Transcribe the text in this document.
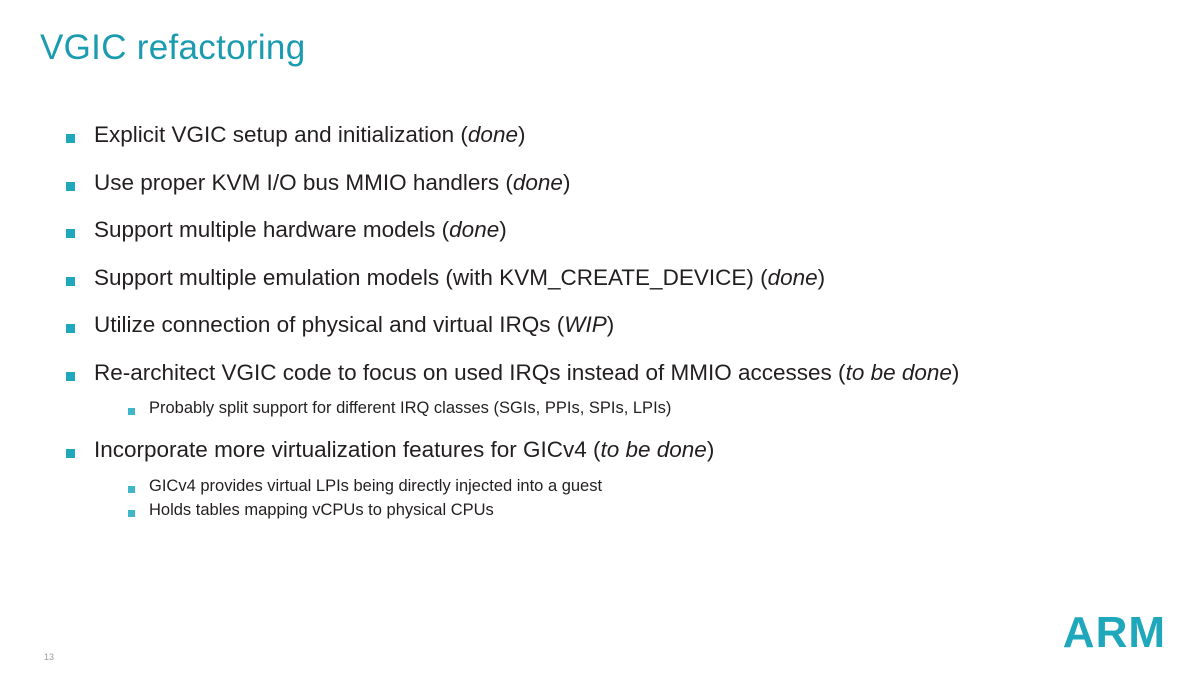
VGIC refactoring
Explicit VGIC setup and initialization (done)
Use proper KVM I/O bus MMIO handlers (done)
Support multiple hardware models (done)
Support multiple emulation models (with KVM_CREATE_DEVICE) (done)
Utilize connection of physical and virtual IRQs (WIP)
Re-architect VGIC code to focus on used IRQs instead of MMIO accesses (to be done)
Probably split support for different IRQ classes (SGIs, PPIs, SPIs, LPIs)
Incorporate more virtualization features for GICv4 (to be done)
GICv4 provides virtual LPIs being directly injected into a guest
Holds tables mapping vCPUs to physical CPUs
ARM
13
